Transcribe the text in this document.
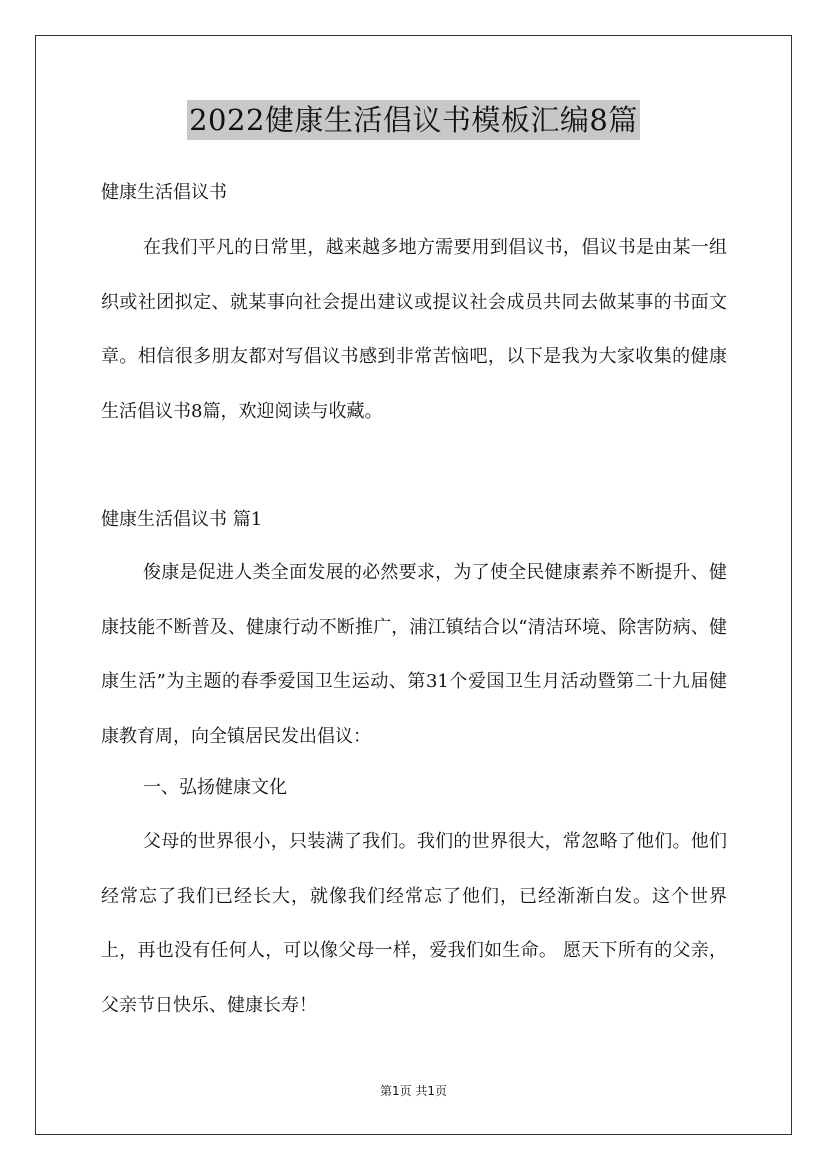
2022健康生活倡议书模板汇编8篇

健康生活倡议书

在我们平凡的日常里，越来越多地方需要用到倡议书，倡议书是由某一组织或社团拟定、就某事向社会提出建议或提议社会成员共同去做某事的书面文章。相信很多朋友都对写倡议书感到非常苦恼吧，以下是我为大家收集的健康生活倡议书8篇，欢迎阅读与收藏。

健康生活倡议书 篇1

俊康是促进人类全面发展的必然要求，为了使全民健康素养不断提升、健康技能不断普及、健康行动不断推广，浦江镇结合以“清洁环境、除害防病、健康生活”为主题的春季爱国卫生运动、第31个爱国卫生月活动暨第二十九届健康教育周，向全镇居民发出倡议：

一、弘扬健康文化

父母的世界很小，只装满了我们。我们的世界很大，常忽略了他们。他们经常忘了我们已经长大，就像我们经常忘了他们，已经渐渐白发。这个世界上，再也没有任何人，可以像父母一样，爱我们如生命。 愿天下所有的父亲，父亲节日快乐、健康长寿！

第1页 共1页
